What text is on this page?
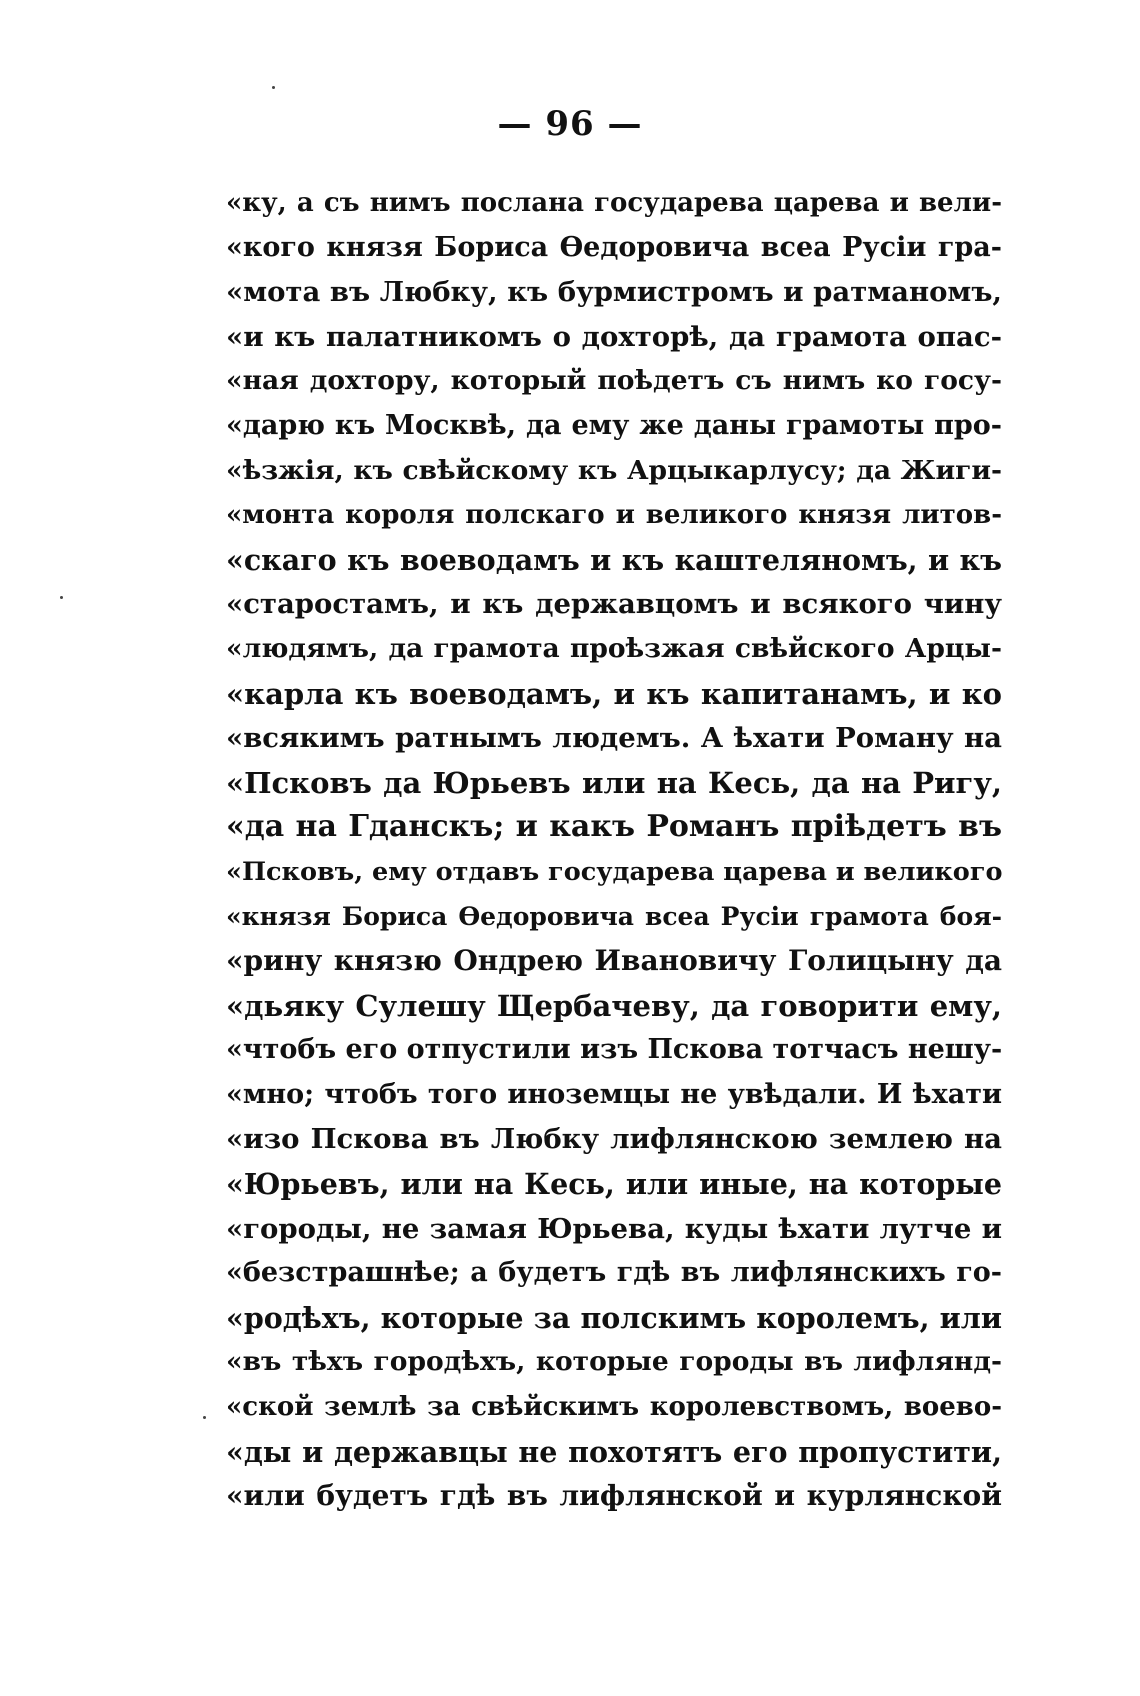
— 96 —
«ку, а съ нимъ послана государева царева и вели-
«кого князя Бориса Өедоровича всеа Русіи гра-
«мота въ Любку, къ бурмистромъ и ратманомъ,
«и къ палатникомъ о дохторѣ, да грамота опас-
«ная дохтору, который поѣдетъ съ нимъ ко госу-
«дарю къ Москвѣ, да ему же даны грамоты про-
«ѣзжія, къ свѣйскому къ Арцыкарлусу; да Жиги-
«монта короля полскаго и великого князя литов-
«скаго къ воеводамъ и къ каштеляномъ, и къ
«старостамъ, и къ державцомъ и всякого чину
«людямъ, да грамота проѣзжая свѣйского Арцы-
«карла къ воеводамъ, и къ капитанамъ, и ко
«всякимъ ратнымъ людемъ. А ѣхати Роману на
«Псковъ да Юрьевъ или на Кесь, да на Ригу,
«да на Гданскъ; и какъ Романъ пріѣдетъ въ
«Псковъ, ему отдавъ государева царева и великого
«князя Бориса Өедоровича всеа Русіи грамота боя-
«рину князю Ондрею Ивановичу Голицыну да
«дьяку Сулешу Щербачеву, да говорити ему,
«чтобъ его отпустили изъ Пскова тотчасъ нешу-
«мно; чтобъ того иноземцы не увѣдали. И ѣхати
«изо Пскова въ Любку лифлянскою землею на
«Юрьевъ, или на Кесь, или иные, на которые
«городы, не замая Юрьева, куды ѣхати лутче и
«безстрашнѣе; а будетъ гдѣ въ лифлянскихъ го-
«родѣхъ, которые за полскимъ королемъ, или
«въ тѣхъ городѣхъ, которые городы въ лифлянд-
«ской землѣ за свѣйскимъ королевствомъ, воево-
«ды и державцы не похотятъ его пропустити,
«или будетъ гдѣ въ лифлянской и курлянской
